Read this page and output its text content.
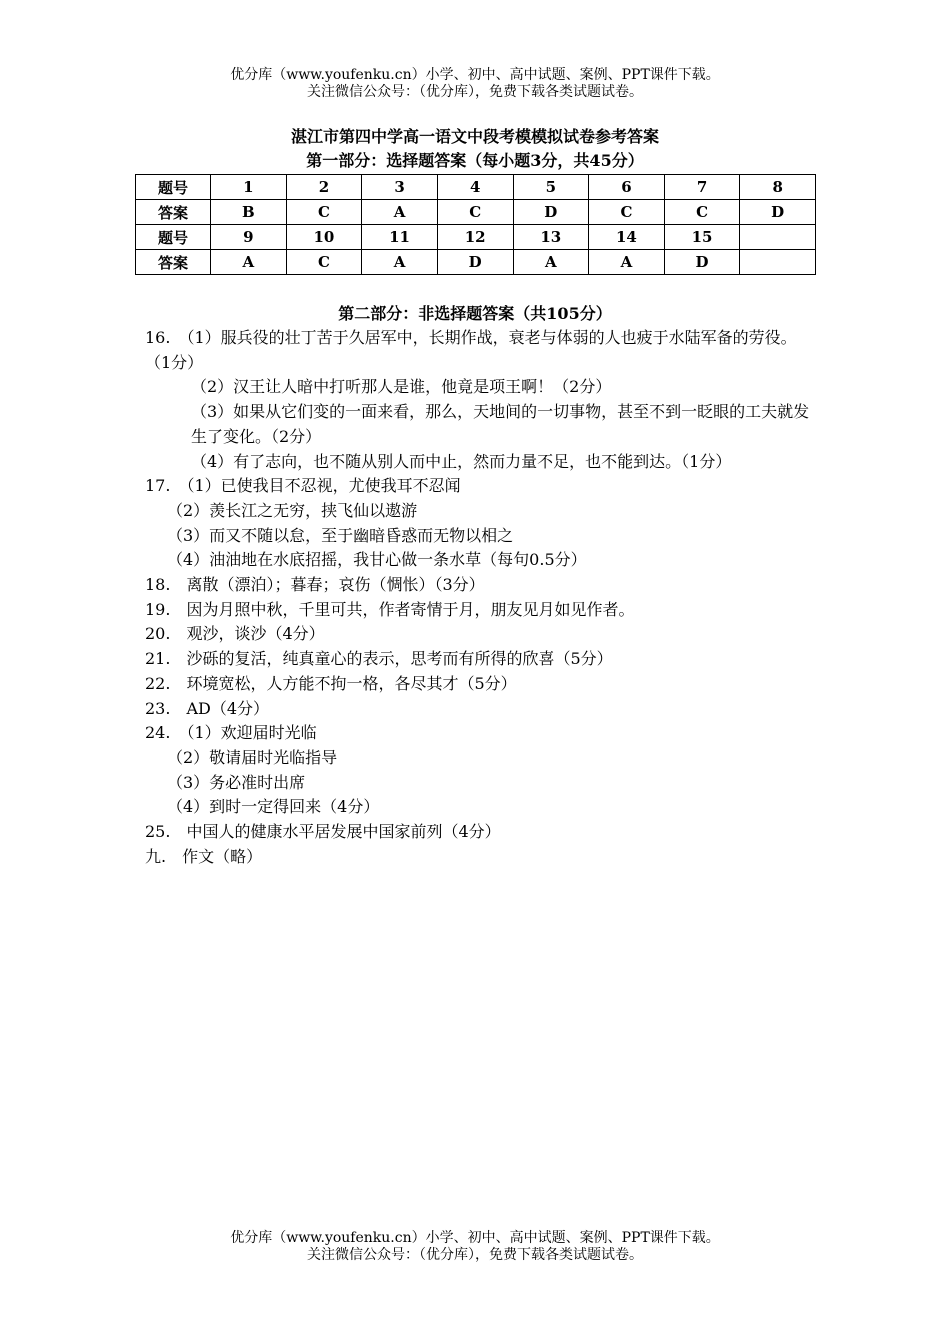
优分库（www.youfenku.cn）小学、初中、高中试题、案例、PPT课件下载。
关注微信公众号：（优分库），免费下载各类试题试卷。
湛江市第四中学高一语文中段考模模拟试卷参考答案
第一部分：选择题答案（每小题3分，共45分）
题号	1	2	3	4	5	6	7	8
答案	B	C	A	C	D	C	C	D
题号	9	10	11	12	13	14	15	
答案	A	C	A	D	A	A	D	
第二部分：非选择题答案（共105分）

16.　（1）服兵役的壮丁苦于久居军中，长期作战，衰老与体弱的人也疲于水陆军备的劳役。（1分）

（2）汉王让人暗中打听那人是谁，他竟是项王啊！（2分）

（3）如果从它们变的一面来看，那么，天地间的一切事物，甚至不到一眨眼的工夫就发生了变化。（2分）

（4）有了志向，也不随从别人而中止，然而力量不足，也不能到达。（1分）

17.　（1）已使我目不忍视，尤使我耳不忍闻

（2）羡长江之无穷，挟飞仙以遨游

（3）而又不随以怠，至于幽暗昏惑而无物以相之

（4）油油地在水底招摇，我甘心做一条水草（每句0.5分）

18.　离散（漂泊）；暮春；哀伤（惆怅）（3分）

19.　因为月照中秋，千里可共，作者寄情于月，朋友见月如见作者。

20.　观沙，谈沙（4分）

21.　沙砾的复活，纯真童心的表示，思考而有所得的欣喜（5分）

22.　环境宽松，人方能不拘一格，各尽其才（5分）

23.　AD（4分）

24.　（1）欢迎届时光临

（2）敬请届时光临指导

（3）务必准时出席

（4）到时一定得回来（4分）

25.　中国人的健康水平居发展中国家前列（4分）

九.　作文（略）

优分库（www.youfenku.cn）小学、初中、高中试题、案例、PPT课件下载。
关注微信公众号：（优分库），免费下载各类试题试卷。
